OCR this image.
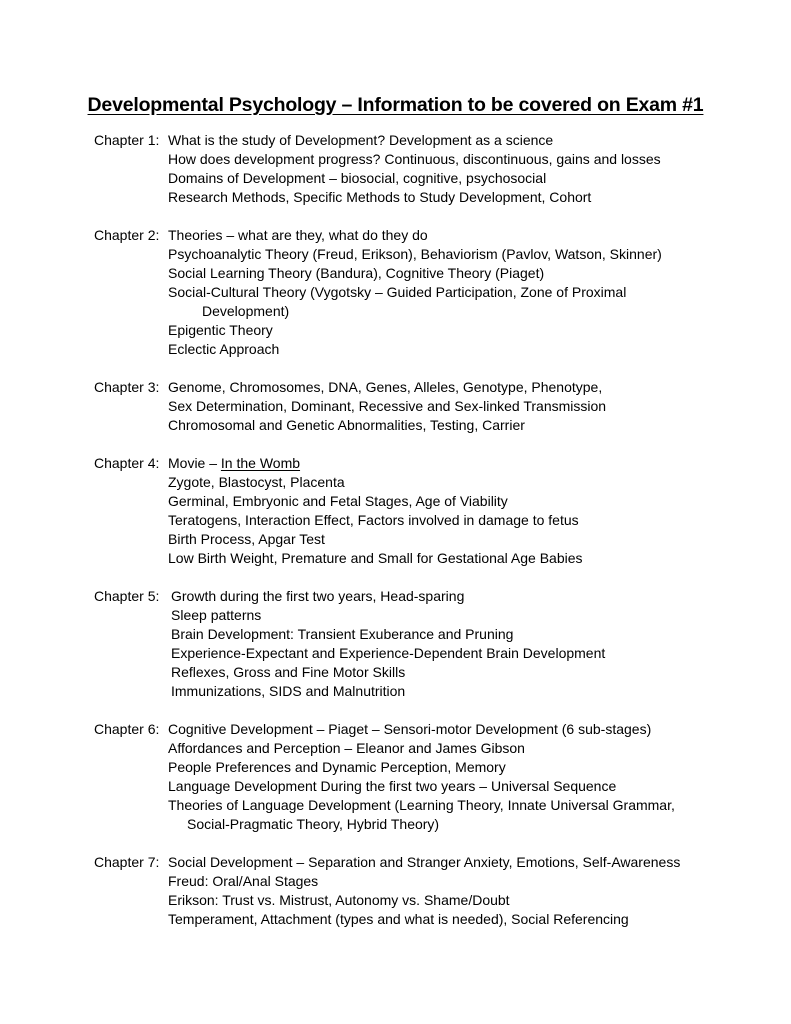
Developmental Psychology – Information to be covered on Exam #1
Chapter 1: What is the study of Development? Development as a science
How does development progress? Continuous, discontinuous, gains and losses
Domains of Development – biosocial, cognitive, psychosocial
Research Methods, Specific Methods to Study Development, Cohort
Chapter 2: Theories – what are they, what do they do
Psychoanalytic Theory (Freud, Erikson), Behaviorism (Pavlov, Watson, Skinner)
Social Learning Theory (Bandura), Cognitive Theory (Piaget)
Social-Cultural Theory (Vygotsky – Guided Participation, Zone of Proximal
Development)
Epigentic Theory
Eclectic Approach
Chapter 3: Genome, Chromosomes, DNA, Genes, Alleles, Genotype, Phenotype,
Sex Determination, Dominant, Recessive and Sex-linked Transmission
Chromosomal and Genetic Abnormalities, Testing, Carrier
Chapter 4: Movie – In the Womb
Zygote, Blastocyst, Placenta
Germinal, Embryonic and Fetal Stages, Age of Viability
Teratogens, Interaction Effect, Factors involved in damage to fetus
Birth Process, Apgar Test
Low Birth Weight, Premature and Small for Gestational Age Babies
Chapter 5: Growth during the first two years, Head-sparing
Sleep patterns
Brain Development: Transient Exuberance and Pruning
Experience-Expectant and Experience-Dependent Brain Development
Reflexes, Gross and Fine Motor Skills
Immunizations, SIDS and Malnutrition
Chapter 6: Cognitive Development – Piaget – Sensori-motor Development (6 sub-stages)
Affordances and Perception – Eleanor and James Gibson
People Preferences and Dynamic Perception, Memory
Language Development During the first two years – Universal Sequence
Theories of Language Development (Learning Theory, Innate Universal Grammar,
Social-Pragmatic Theory, Hybrid Theory)
Chapter 7: Social Development – Separation and Stranger Anxiety, Emotions, Self-Awareness
Freud: Oral/Anal Stages
Erikson: Trust vs. Mistrust, Autonomy vs. Shame/Doubt
Temperament, Attachment (types and what is needed), Social Referencing
